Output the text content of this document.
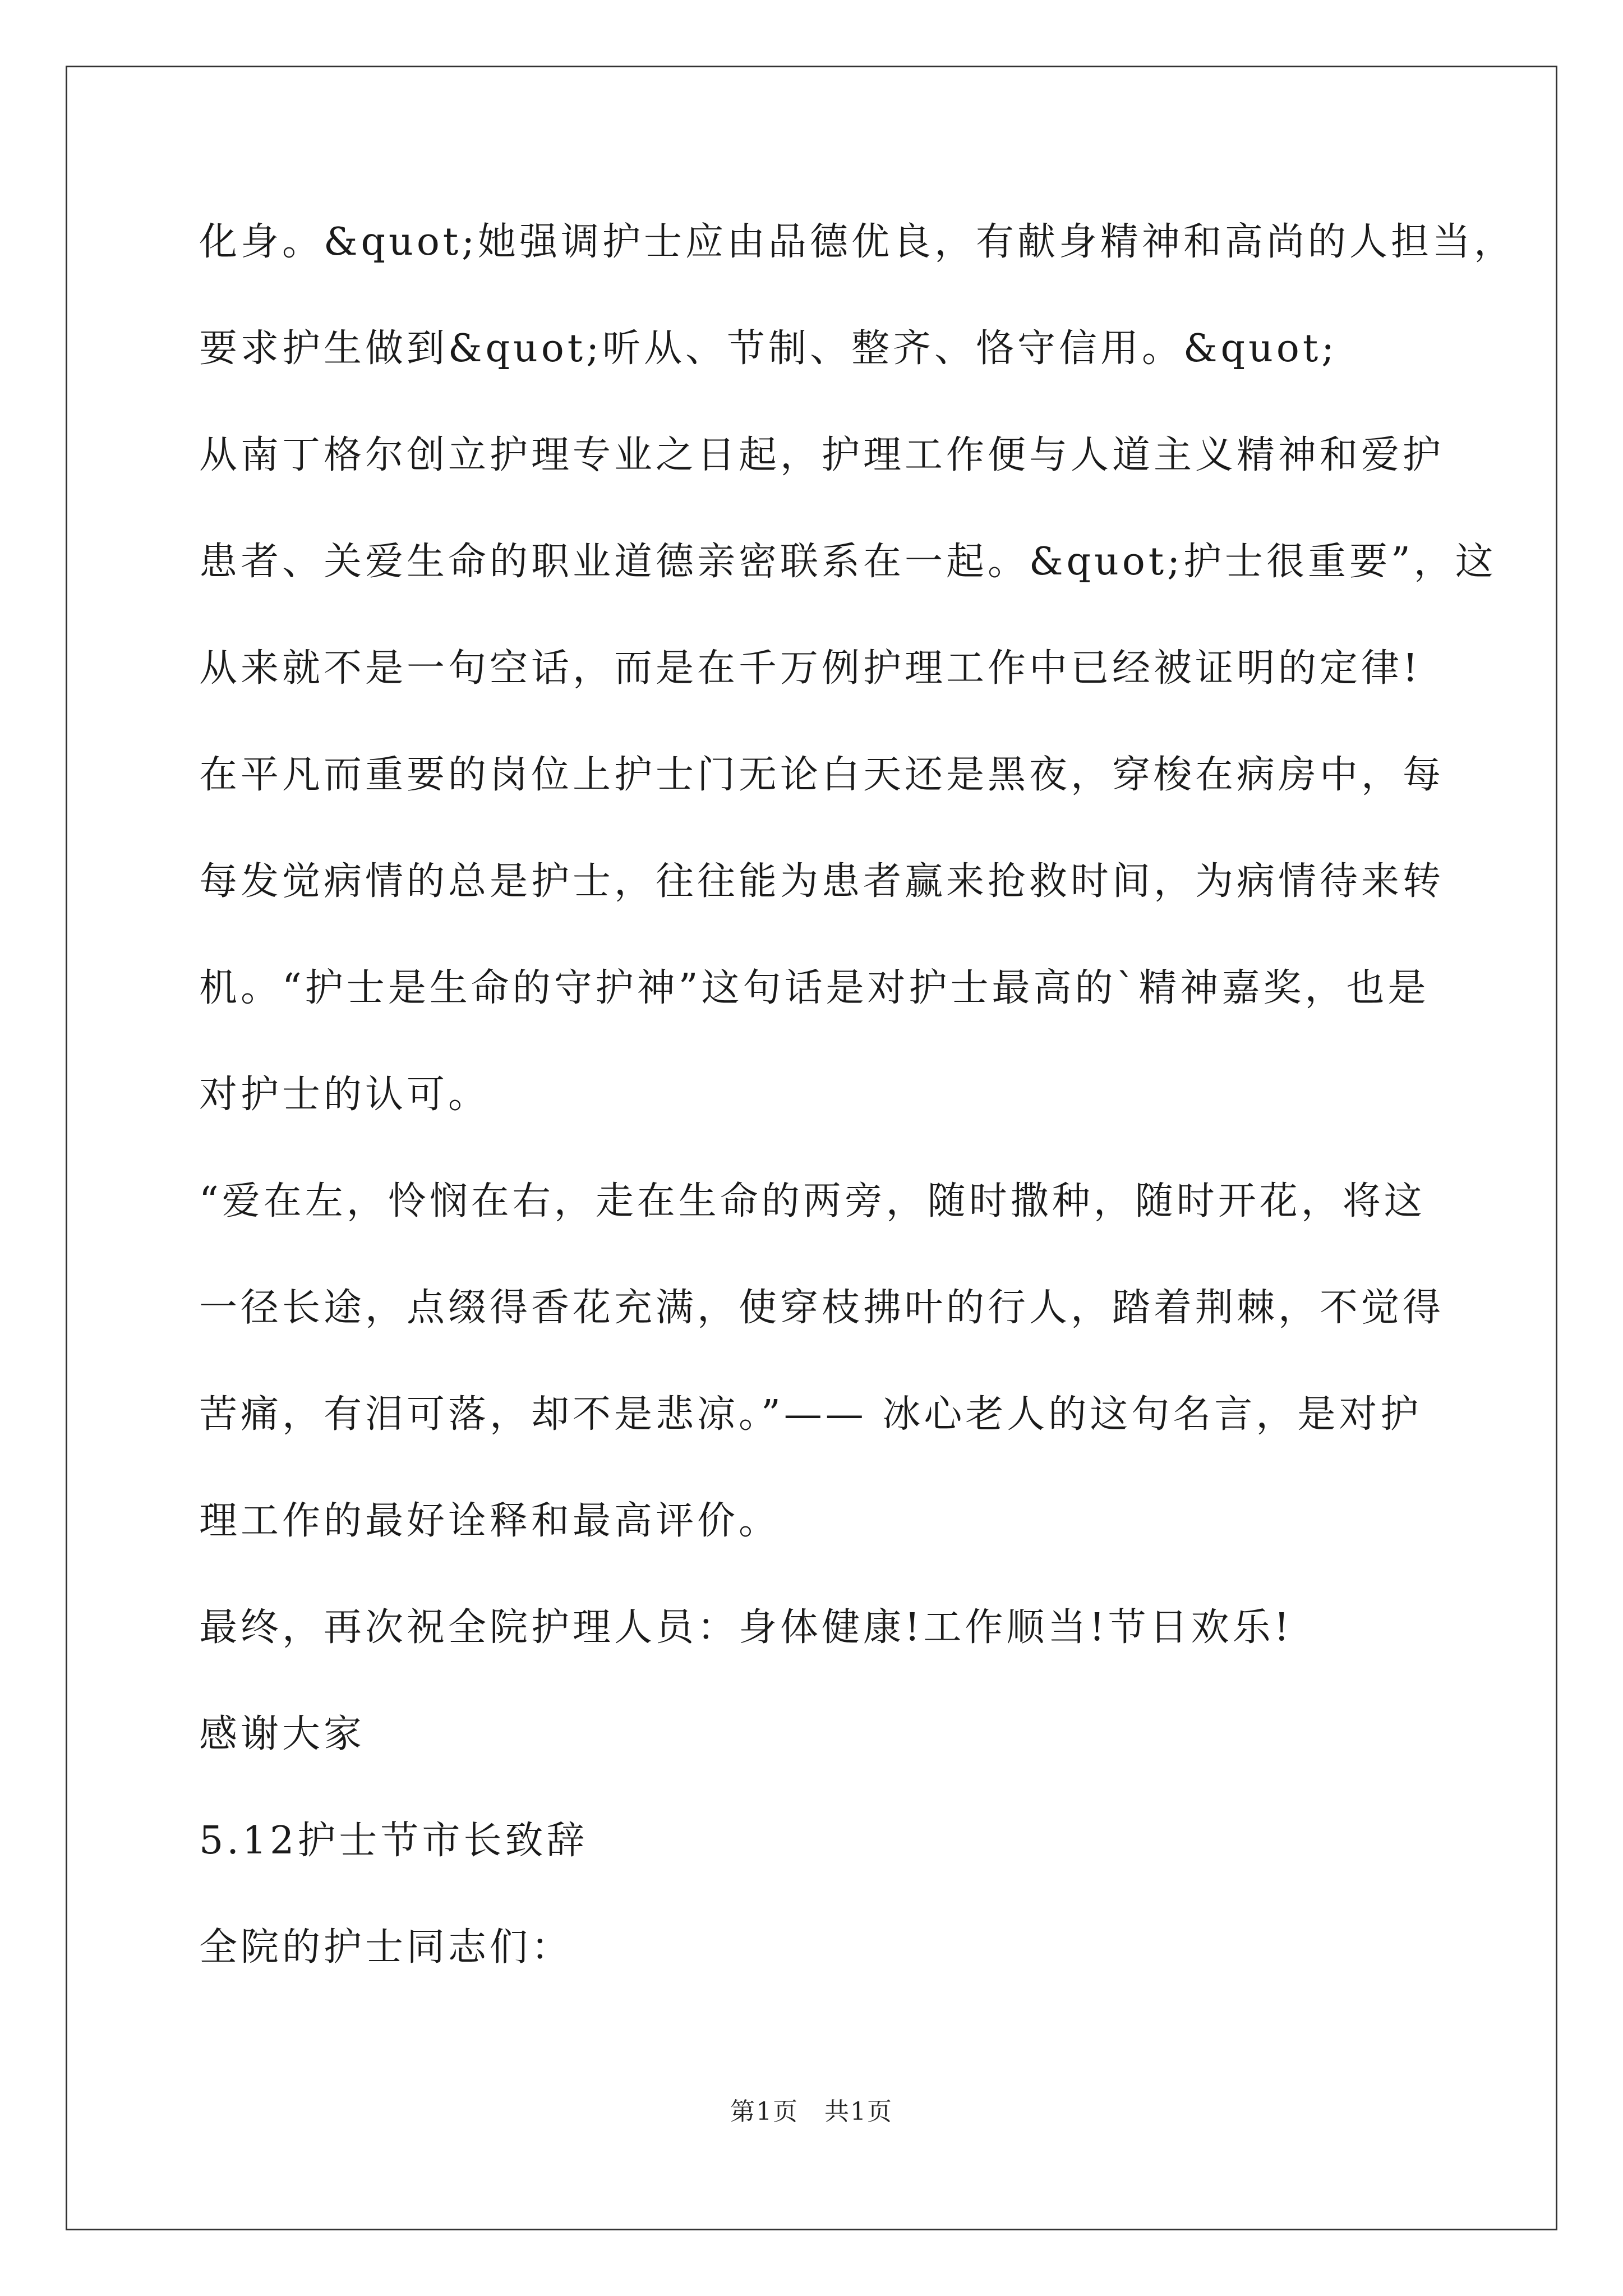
化身。&quot;她强调护士应由品德优良，有献身精神和高尚的人担当，
要求护生做到&quot;听从、节制、整齐、恪守信用。&quot;
从南丁格尔创立护理专业之日起，护理工作便与人道主义精神和爱护
患者、关爱生命的职业道德亲密联系在一起。&quot;护士很重要”，这
从来就不是一句空话，而是在千万例护理工作中已经被证明的定律!
在平凡而重要的岗位上护士门无论白天还是黑夜，穿梭在病房中，每
每发觉病情的总是护士，往往能为患者赢来抢救时间，为病情待来转
机。“护士是生命的守护神”这句话是对护士最高的`精神嘉奖，也是
对护士的认可。
“爱在左，怜悯在右，走在生命的两旁，随时撒种，随时开花，将这
一径长途，点缀得香花充满，使穿枝拂叶的行人，踏着荆棘，不觉得
苦痛，有泪可落，却不是悲凉。”—— 冰心老人的这句名言，是对护
理工作的最好诠释和最高评价。
最终，再次祝全院护理人员：身体健康!工作顺当!节日欢乐!
感谢大家
5.12护士节市长致辞
全院的护士同志们：
第1页　共1页
